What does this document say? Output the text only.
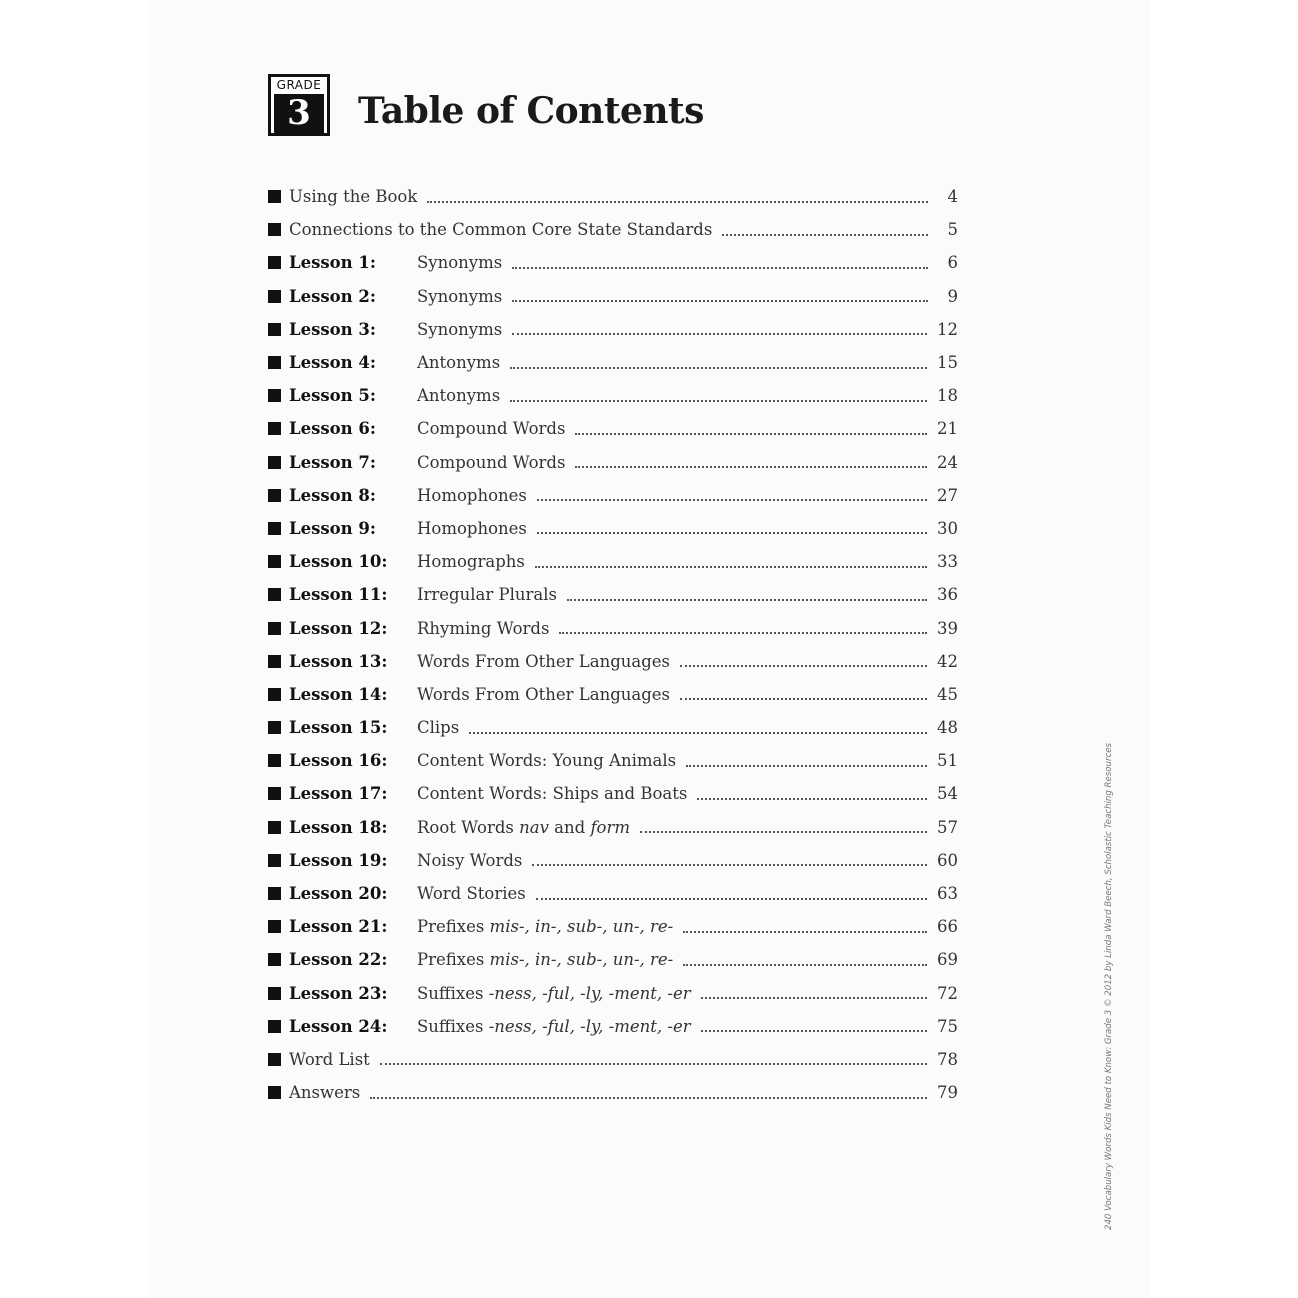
GRADE
3	Table of Contents
Using the Book	4
Connections to the Common Core State Standards	5
Lesson 1:	Synonyms	6
Lesson 2:	Synonyms	9
Lesson 3:	Synonyms	12
Lesson 4:	Antonyms	15
Lesson 5:	Antonyms	18
Lesson 6:	Compound Words	21
Lesson 7:	Compound Words	24
Lesson 8:	Homophones	27
Lesson 9:	Homophones	30
Lesson 10:	Homographs	33
Lesson 11:	Irregular Plurals	36
Lesson 12:	Rhyming Words	39
Lesson 13:	Words From Other Languages	42
Lesson 14:	Words From Other Languages	45
Lesson 15:	Clips	48
Lesson 16:	Content Words: Young Animals	51
Lesson 17:	Content Words: Ships and Boats	54
Lesson 18:	Root Words nav and form	57
Lesson 19:	Noisy Words	60
Lesson 20:	Word Stories	63
Lesson 21:	Prefixes mis-, in-, sub-, un-, re-	66
Lesson 22:	Prefixes mis-, in-, sub-, un-, re-	69
Lesson 23:	Suffixes -ness, -ful, -ly, -ment, -er	72
Lesson 24:	Suffixes -ness, -ful, -ly, -ment, -er	75
Word List	78
Answers	79	240 Vocabulary Words Kids Need to Know: Grade 3 © 2012 by Linda Ward Beech, Scholastic Teaching Resources
